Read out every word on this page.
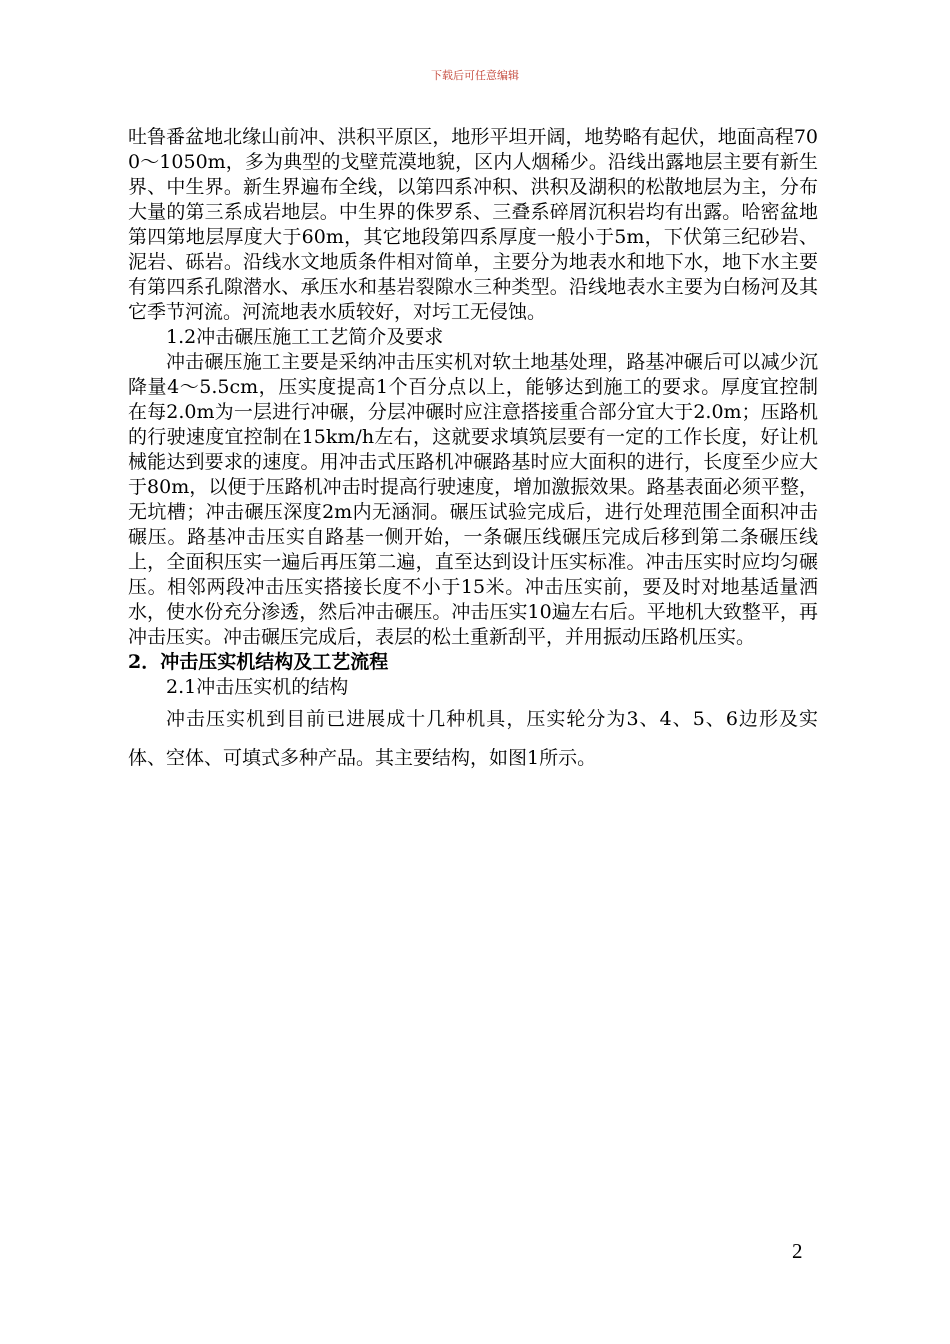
下载后可任意编辑

吐鲁番盆地北缘山前冲、洪积平原区，地形平坦开阔，地势略有起伏，地面高程700～1050m，多为典型的戈壁荒漠地貌，区内人烟稀少。沿线出露地层主要有新生界、中生界。新生界遍布全线，以第四系冲积、洪积及湖积的松散地层为主，分布大量的第三系成岩地层。中生界的侏罗系、三叠系碎屑沉积岩均有出露。哈密盆地第四第地层厚度大于60m，其它地段第四系厚度一般小于5m，下伏第三纪砂岩、泥岩、砾岩。沿线水文地质条件相对简单，主要分为地表水和地下水，地下水主要有第四系孔隙潜水、承压水和基岩裂隙水三种类型。沿线地表水主要为白杨河及其它季节河流。河流地表水质较好，对圬工无侵蚀。

1.2冲击碾压施工工艺简介及要求

冲击碾压施工主要是采纳冲击压实机对软土地基处理，路基冲碾后可以减少沉降量4～5.5cm，压实度提高1个百分点以上，能够达到施工的要求。厚度宜控制在每2.0m为一层进行冲碾，分层冲碾时应注意搭接重合部分宜大于2.0m；压路机的行驶速度宜控制在15km/h左右，这就要求填筑层要有一定的工作长度，好让机械能达到要求的速度。用冲击式压路机冲碾路基时应大面积的进行，长度至少应大于80m，以便于压路机冲击时提高行驶速度，增加激振效果。路基表面必须平整，无坑槽；冲击碾压深度2m内无涵洞。碾压试验完成后，进行处理范围全面积冲击碾压。路基冲击压实自路基一侧开始，一条碾压线碾压完成后移到第二条碾压线上，全面积压实一遍后再压第二遍，直至达到设计压实标准。冲击压实时应均匀碾压。相邻两段冲击压实搭接长度不小于15米。冲击压实前，要及时对地基适量洒水，使水份充分渗透，然后冲击碾压。冲击压实10遍左右后。平地机大致整平，再冲击压实。冲击碾压完成后，表层的松土重新刮平，并用振动压路机压实。

2．冲击压实机结构及工艺流程

2.1冲击压实机的结构

冲击压实机到目前已进展成十几种机具，压实轮分为3、4、5、6边形及实体、空体、可填式多种产品。其主要结构，如图1所示。

2
